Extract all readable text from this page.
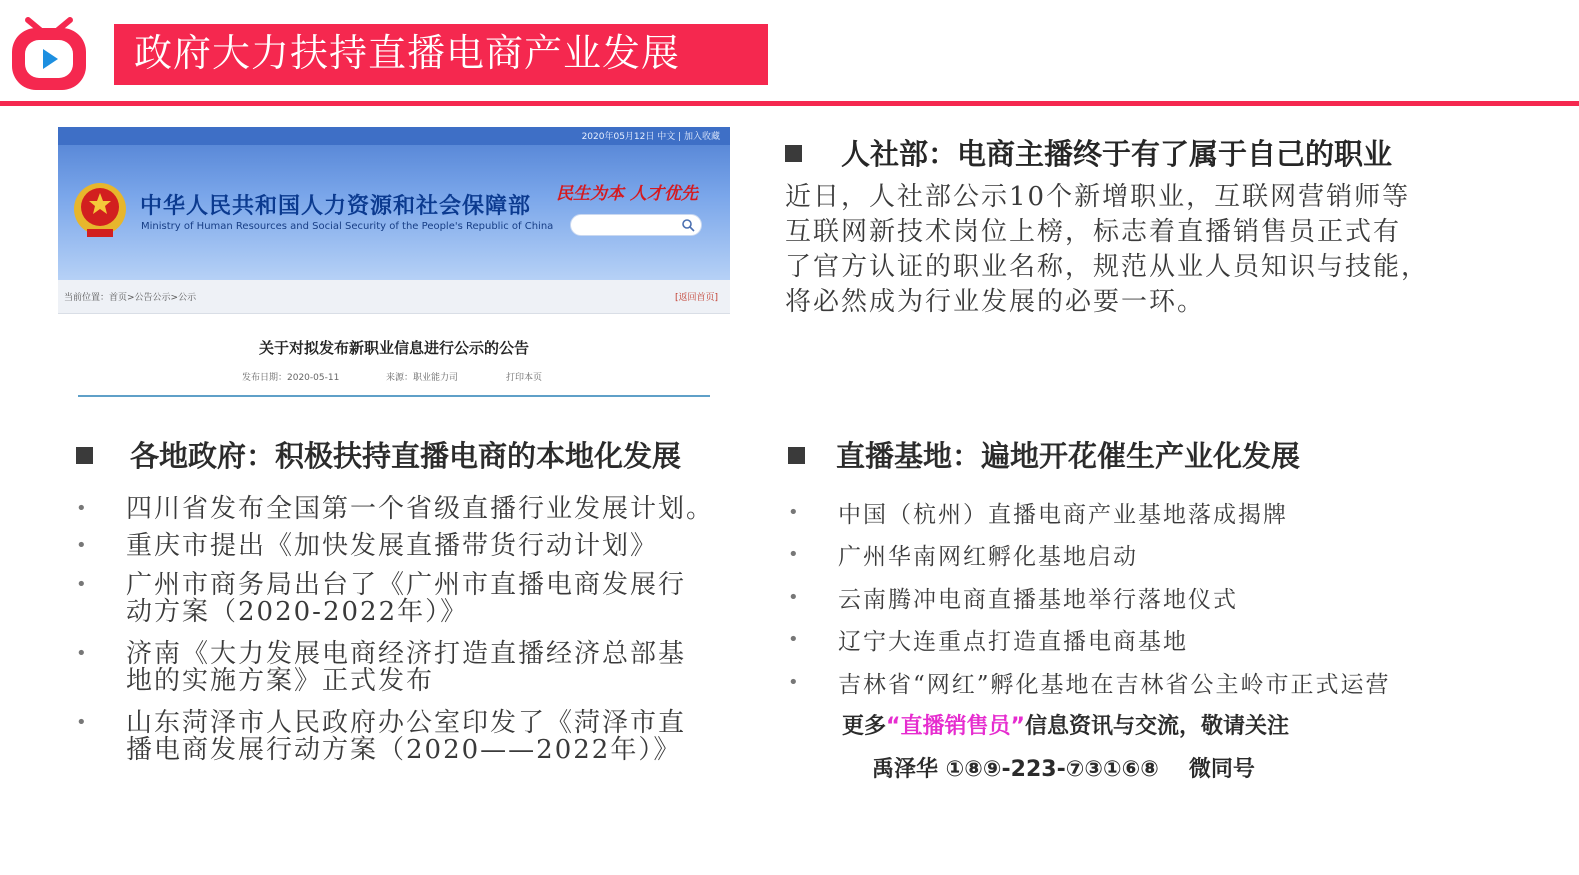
政府大力扶持直播电商产业发展
2020年05月12日 中文 | 加入收藏
中华人民共和国人力资源和社会保障部
Ministry of Human Resources and Social Security of the People's Republic of China
民生为本 人才优先
当前位置：首页>公告公示>公示	[返回首页]
关于对拟发布新职业信息进行公示的公告
发布日期：2020-05-11	来源：职业能力司	打印本页
人社部：电商主播终于有了属于自己的职业
近日，人社部公示10个新增职业，互联网营销师等
互联网新技术岗位上榜，标志着直播销售员正式有
了官方认证的职业名称，规范从业人员知识与技能，
将必然成为行业发展的必要一环。
各地政府：积极扶持直播电商的本地化发展
• 四川省发布全国第一个省级直播行业发展计划。
• 重庆市提出《加快发展直播带货行动计划》
• 广州市商务局出台了《广州市直播电商发展行
动方案（2020-2022年）》
• 济南《大力发展电商经济打造直播经济总部基
地的实施方案》正式发布
• 山东菏泽市人民政府办公室印发了《菏泽市直
播电商发展行动方案（2020——2022年）》
直播基地：遍地开花催生产业化发展
• 中国（杭州）直播电商产业基地落成揭牌
• 广州华南网红孵化基地启动
• 云南腾冲电商直播基地举行落地仪式
• 辽宁大连重点打造直播电商基地
• 吉林省“网红”孵化基地在吉林省公主岭市正式运营
更多“直播销售员”信息资讯与交流，敬请关注
禹泽华 ①⑧⑨-223-⑦③①⑥⑧ 微同号
